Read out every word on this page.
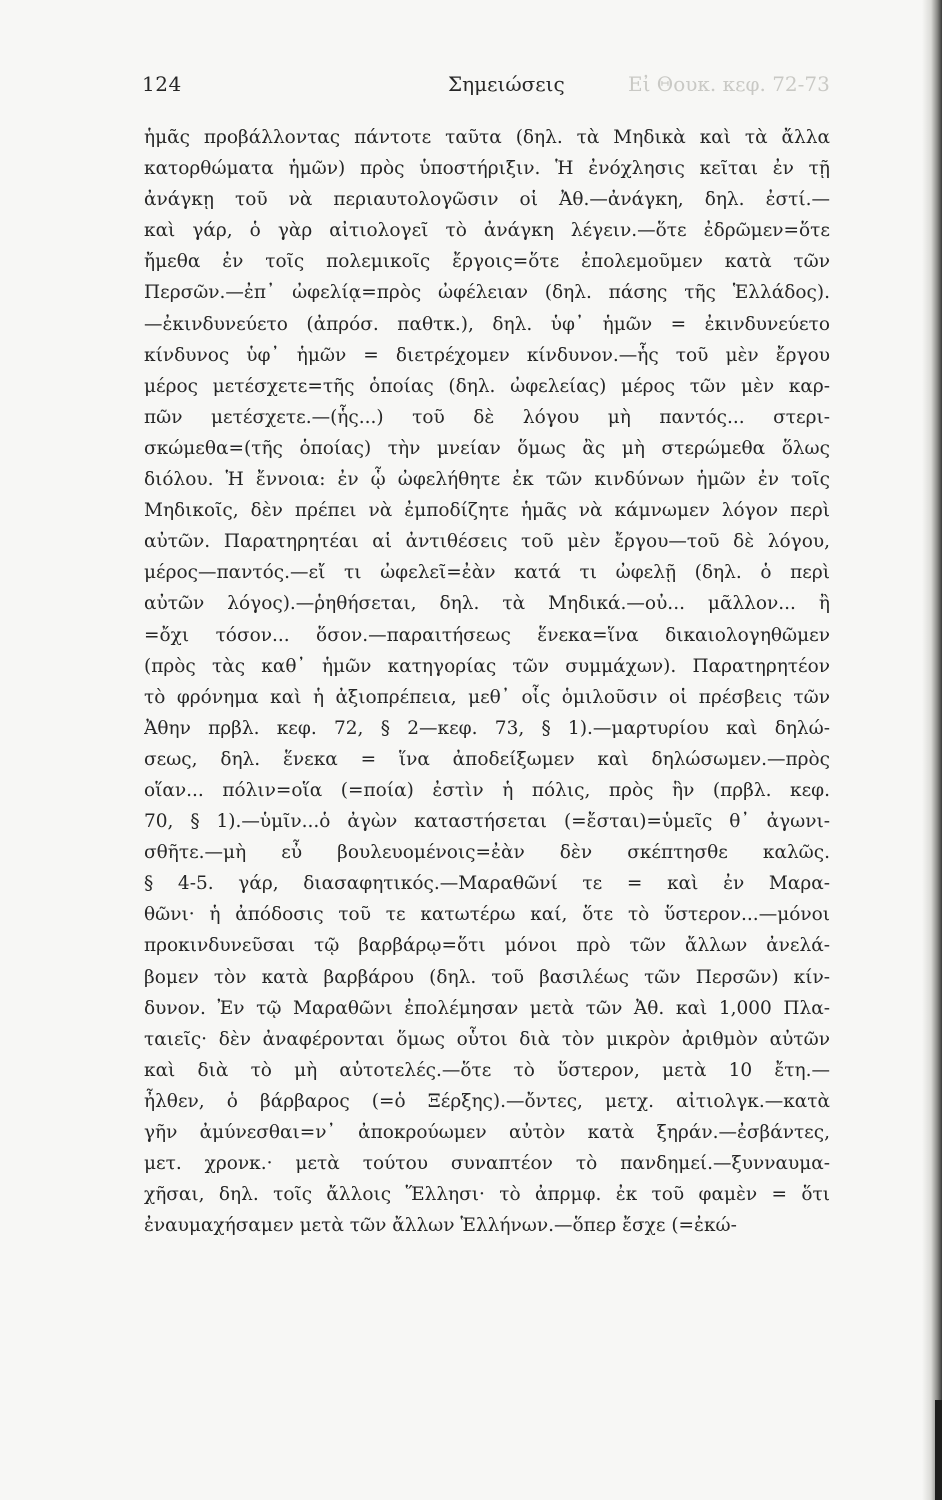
Εἰ Θουκ. κεφ. 72-73
124	Σημειώσεις
ἡμᾶς προβάλλοντας πάντοτε ταῦτα (δηλ. τὰ Μηδικὰ καὶ τὰ ἄλλα
κατορθώματα ἡμῶν) πρὸς ὑποστήριξιν. Ἡ ἐνόχλησις κεῖται ἐν τῇ
ἀνάγκῃ τοῦ νὰ περιαυτολογῶσιν οἱ Ἀθ.—ἀνάγκη, δηλ. ἐστί.—
καὶ γάρ, ὁ γὰρ αἰτιολογεῖ τὸ ἀνάγκη λέγειν.—ὅτε ἐδρῶμεν=ὅτε
ἤμεθα ἐν τοῖς πολεμικοῖς ἔργοις=ὅτε ἐπολεμοῦμεν κατὰ τῶν
Περσῶν.—ἐπ᾽ ὠφελίᾳ=πρὸς ὠφέλειαν (δηλ. πάσης τῆς Ἑλλάδος).
—ἐκινδυνεύετο (ἀπρόσ. παθτκ.), δηλ. ὑφ᾽ ἡμῶν = ἐκινδυνεύετο
κίνδυνος ὑφ᾽ ἡμῶν = διετρέχομεν κίνδυνον.—ἧς τοῦ μὲν ἔργου
μέρος μετέσχετε=τῆς ὁποίας (δηλ. ὠφελείας) μέρος τῶν μὲν καρ-
πῶν μετέσχετε.—(ἧς...) τοῦ δὲ λόγου μὴ παντός... στερι-
σκώμεθα=(τῆς ὁποίας) τὴν μνείαν ὅμως ἂς μὴ στερώμεθα ὅλως
διόλου. Ἡ ἔννοια: ἐν ᾧ ὠφελήθητε ἐκ τῶν κινδύνων ἡμῶν ἐν τοῖς
Μηδικοῖς, δὲν πρέπει νὰ ἐμποδίζητε ἡμᾶς νὰ κάμνωμεν λόγον περὶ
αὐτῶν. Παρατηρητέαι αἱ ἀντιθέσεις τοῦ μὲν ἔργου—τοῦ δὲ λόγου,
μέρος—παντός.—εἴ τι ὠφελεῖ=ἐὰν κατά τι ὠφελῇ (δηλ. ὁ περὶ
αὐτῶν λόγος).—ῥηθήσεται, δηλ. τὰ Μηδικά.—οὐ... μᾶλλον... ἢ
=ὄχι τόσον... ὅσον.—παραιτήσεως ἕνεκα=ἵνα δικαιολογηθῶμεν
(πρὸς τὰς καθ᾽ ἡμῶν κατηγορίας τῶν συμμάχων). Παρατηρητέον
τὸ φρόνημα καὶ ἡ ἀξιοπρέπεια, μεθ᾽ οἷς ὁμιλοῦσιν οἱ πρέσβεις τῶν
Ἀθην πρβλ. κεφ. 72, § 2—κεφ. 73, § 1).—μαρτυρίου καὶ δηλώ-
σεως, δηλ. ἕνεκα = ἵνα ἀποδείξωμεν καὶ δηλώσωμεν.—πρὸς
οἵαν... πόλιν=οἵα (=ποία) ἐστὶν ἡ πόλις, πρὸς ἣν (πρβλ. κεφ.
70, § 1).—ὑμῖν...ὁ ἀγὼν καταστήσεται (=ἔσται)=ὑμεῖς θ᾽ ἀγωνι-
σθῆτε.—μὴ εὖ βουλευομένοις=ἐὰν δὲν σκέπτησθε καλῶς.
§ 4-5. γάρ, διασαφητικός.—Μαραθῶνί τε = καὶ ἐν Μαρα-
θῶνι· ἡ ἀπόδοσις τοῦ τε κατωτέρω καί, ὅτε τὸ ὕστερον...—μόνοι
προκινδυνεῦσαι τῷ βαρβάρῳ=ὅτι μόνοι πρὸ τῶν ἄλλων ἀνελά-
βομεν τὸν κατὰ βαρβάρου (δηλ. τοῦ βασιλέως τῶν Περσῶν) κίν-
δυνον. Ἐν τῷ Μαραθῶνι ἐπολέμησαν μετὰ τῶν Ἀθ. καὶ 1,000 Πλα-
ταιεῖς· δὲν ἀναφέρονται ὅμως οὗτοι διὰ τὸν μικρὸν ἀριθμὸν αὐτῶν
καὶ διὰ τὸ μὴ αὐτοτελές.—ὅτε τὸ ὕστερον, μετὰ 10 ἔτη.—
ἦλθεν, ὁ βάρβαρος (=ὁ Ξέρξης).—ὄντες, μετχ. αἰτιολγκ.—κατὰ
γῆν ἀμύνεσθαι=ν᾽ ἀποκρούωμεν αὐτὸν κατὰ ξηράν.—ἐσβάντες,
μετ. χρονκ.· μετὰ τούτου συναπτέον τὸ πανδημεί.—ξυνναυμα-
χῆσαι, δηλ. τοῖς ἄλλοις Ἕλλησι· τὸ ἀπρμφ. ἐκ τοῦ φαμὲν = ὅτι
ἐναυμαχήσαμεν μετὰ τῶν ἄλλων Ἑλλήνων.—ὅπερ ἔσχε (=ἐκώ-
